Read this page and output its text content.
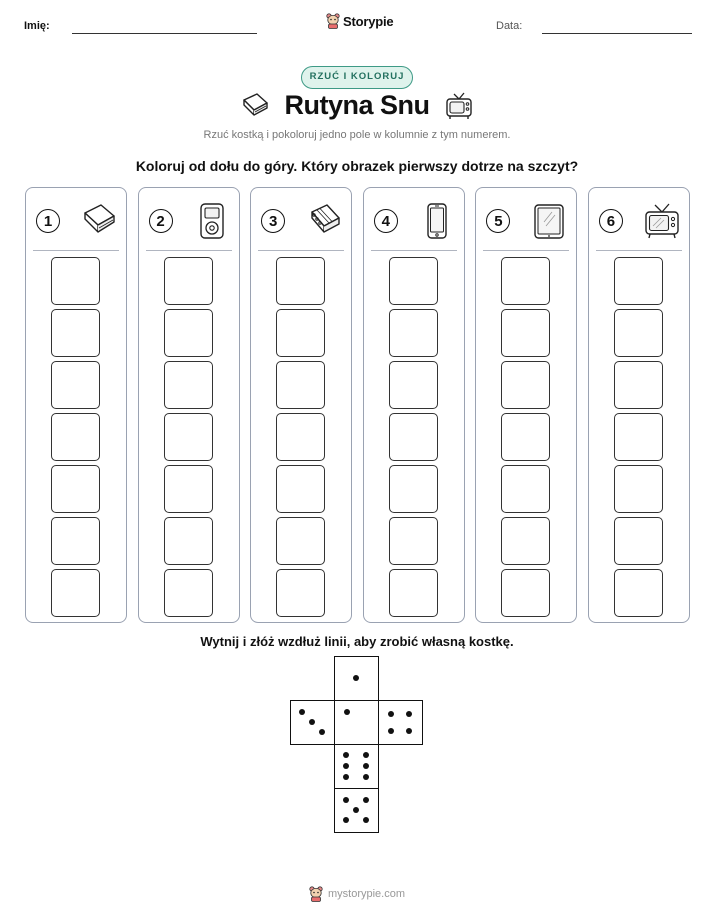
Imię:	Storypie	Data:
RZUĆ I KOLORUJ
Rutyna Snu
Rzuć kostką i pokoloruj jedno pole w kolumnie z tym numerem.
Koloruj od dołu do góry. Który obrazek pierwszy dotrze na szczyt?
1	2	3	4	5	6
Wytnij i złóż wzdłuż linii, aby zrobić własną kostkę.
mystorypie.com
